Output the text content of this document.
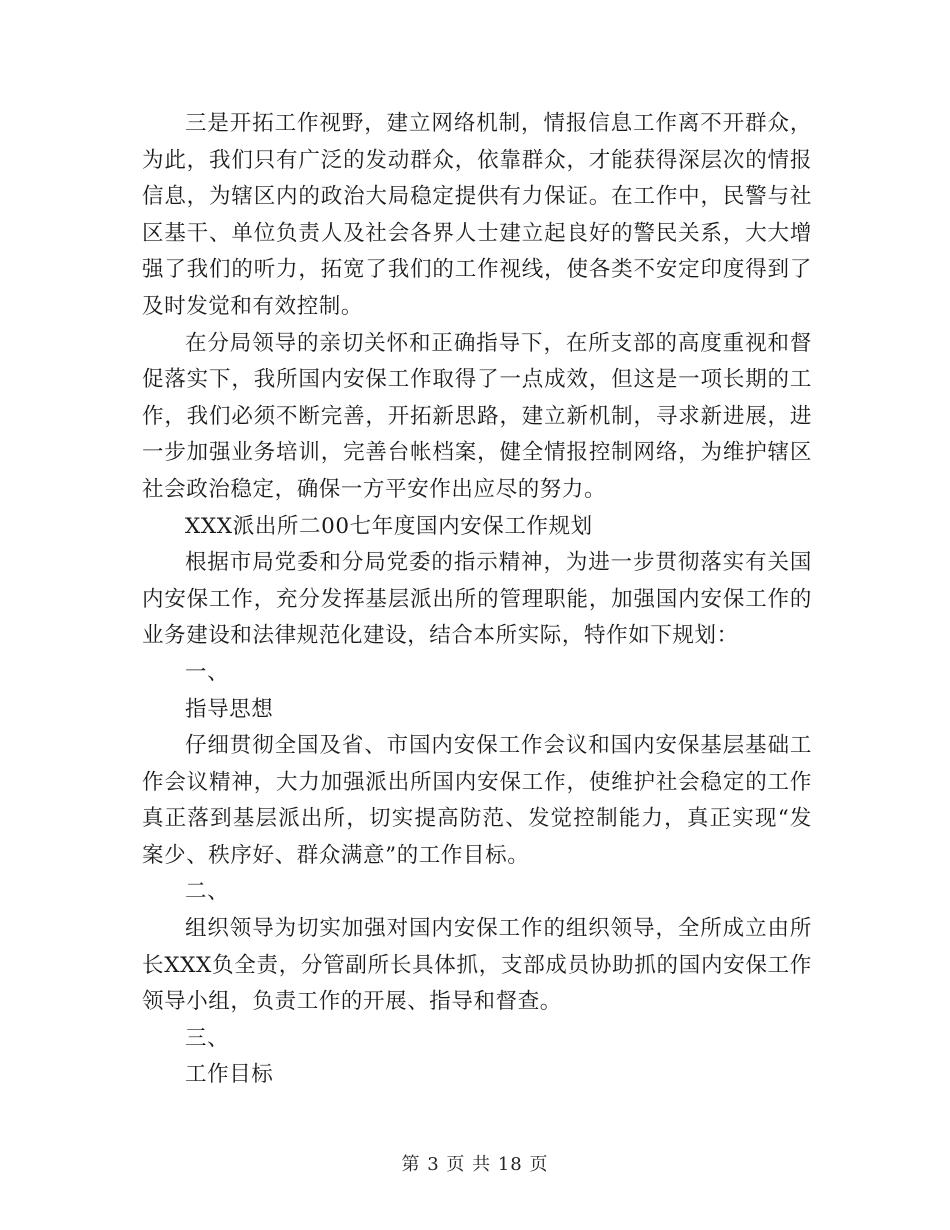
三是开拓工作视野，建立网络机制，情报信息工作离不开群众，为此，我们只有广泛的发动群众，依靠群众，才能获得深层次的情报信息，为辖区内的政治大局稳定提供有力保证。在工作中，民警与社区基干、单位负责人及社会各界人士建立起良好的警民关系，大大增强了我们的听力，拓宽了我们的工作视线，使各类不安定印度得到了及时发觉和有效控制。

在分局领导的亲切关怀和正确指导下，在所支部的高度重视和督促落实下，我所国内安保工作取得了一点成效，但这是一项长期的工作，我们必须不断完善，开拓新思路，建立新机制，寻求新进展，进一步加强业务培训，完善台帐档案，健全情报控制网络，为维护辖区社会政治稳定，确保一方平安作出应尽的努力。

XXX派出所二00七年度国内安保工作规划

根据市局党委和分局党委的指示精神，为进一步贯彻落实有关国内安保工作，充分发挥基层派出所的管理职能，加强国内安保工作的业务建设和法律规范化建设，结合本所实际，特作如下规划：

一、

指导思想

仔细贯彻全国及省、市国内安保工作会议和国内安保基层基础工作会议精神，大力加强派出所国内安保工作，使维护社会稳定的工作真正落到基层派出所，切实提高防范、发觉控制能力，真正实现“发案少、秩序好、群众满意”的工作目标。

二、

组织领导为切实加强对国内安保工作的组织领导，全所成立由所长XXX负全责，分管副所长具体抓，支部成员协助抓的国内安保工作领导小组，负责工作的开展、指导和督查。

三、

工作目标

第 3 页 共 18 页
